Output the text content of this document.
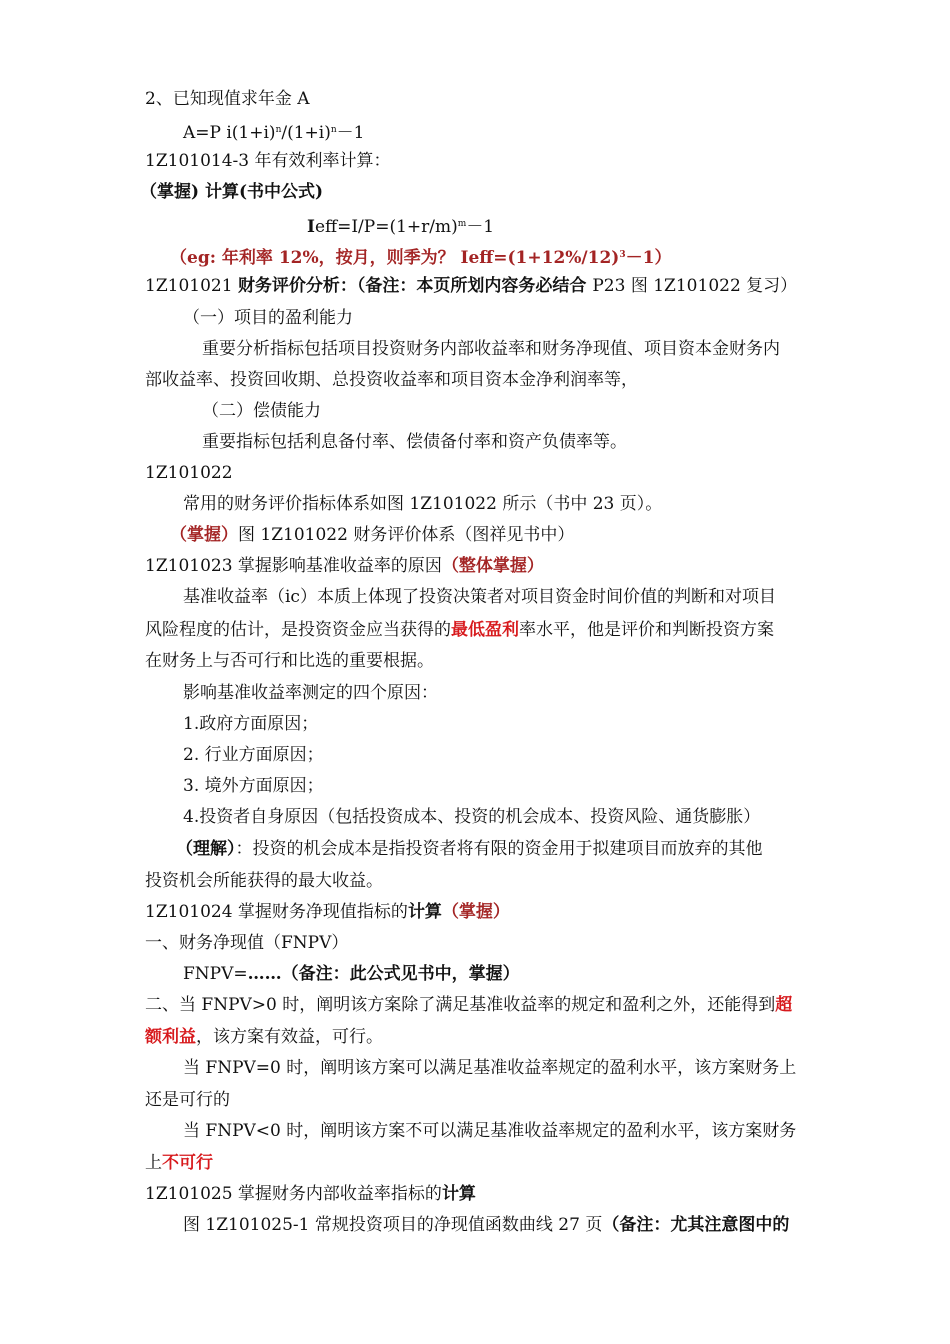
2、已知现值求年金 A
A=P $i(1+i)^n/(1+i)^n-1$
1Z101014-3 年有效利率计算：
（掌握) 计算(书中公式)
$Ieff=I/P=(1+r/m)^m-1$
（eg: 年利率 12%，按月，则季为？ $Ieff=(1+12\%/12)^3-1$）
1Z101021 财务评价分析：（备注：本页所划内容务必结合 P23 图 1Z101022 复习）
（一）项目的盈利能力
重要分析指标包括项目投资财务内部收益率和财务净现值、项目资本金财务内
部收益率、投资回收期、总投资收益率和项目资本金净利润率等，
（二）偿债能力
重要指标包括利息备付率、偿债备付率和资产负债率等。
1Z101022
常用的财务评价指标体系如图 1Z101022 所示（书中 23 页）。
（掌握）图 1Z101022 财务评价体系（图祥见书中）
1Z101023 掌握影响基准收益率的原因（整体掌握）
基准收益率（ic）本质上体现了投资决策者对项目资金时间价值的判断和对项目
风险程度的估计，是投资资金应当获得的最低盈利率水平，他是评价和判断投资方案
在财务上与否可行和比选的重要根据。
影响基准收益率测定的四个原因：
1.政府方面原因；
2. 行业方面原因；
3. 境外方面原因；
4.投资者自身原因（包括投资成本、投资的机会成本、投资风险、通货膨胀）
（理解）：投资的机会成本是指投资者将有限的资金用于拟建项目而放弃的其他
投资机会所能获得的最大收益。
1Z101024 掌握财务净现值指标的计算（掌握）
一、财务净现值（FNPV）
FNPV=……（备注：此公式见书中，掌握）
二、当 FNPV>0 时，阐明该方案除了满足基准收益率的规定和盈利之外，还能得到超
额利益，该方案有效益，可行。
当 FNPV=0 时，阐明该方案可以满足基准收益率规定的盈利水平，该方案财务上
还是可行的
当 FNPV<0 时，阐明该方案不可以满足基准收益率规定的盈利水平，该方案财务
上不可行
1Z101025 掌握财务内部收益率指标的计算
图 1Z101025-1 常规投资项目的净现值函数曲线 27 页（备注：尤其注意图中的
